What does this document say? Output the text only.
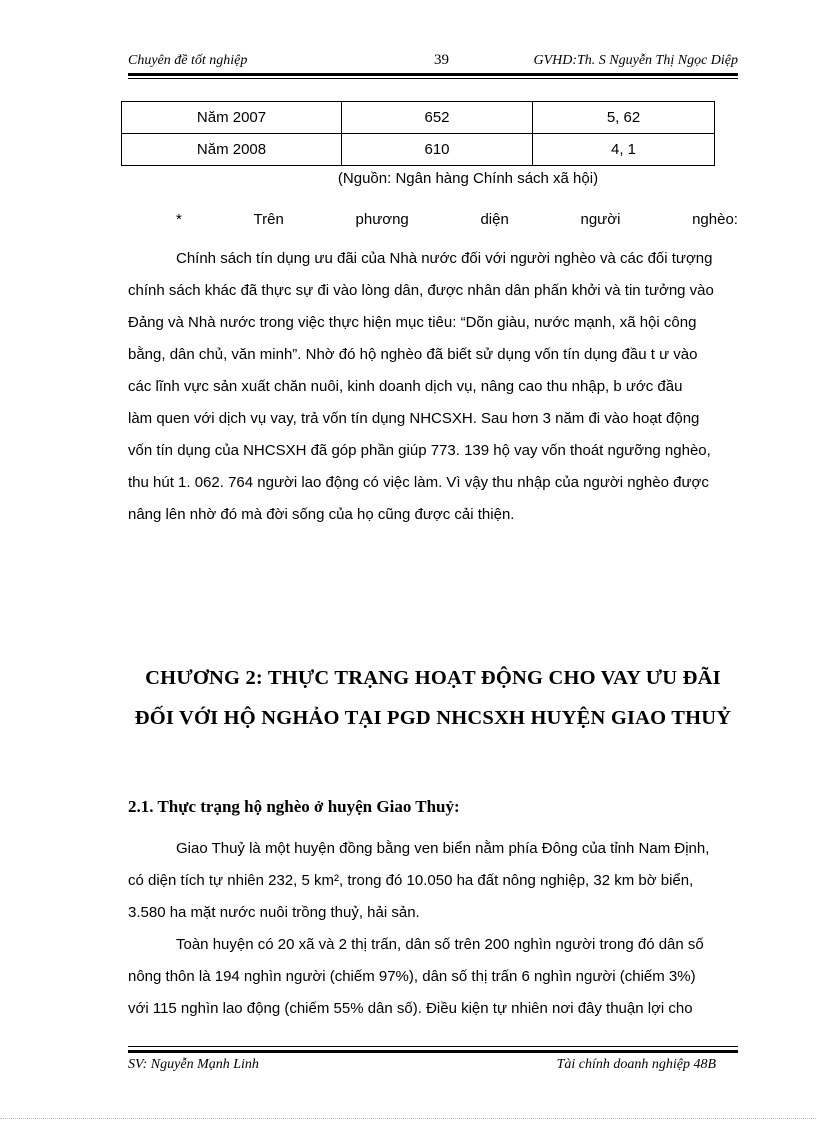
Chuyên đề tốt nghiệp	39	GVHD:Th. S Nguyễn Thị Ngọc Diệp
Năm 2007	652	5, 62
Năm 2008	610	4, 1
(Nguồn: Ngân hàng Chính sách xã hội)
*	Trên	phương	diện	người	nghèo:
Chính sách tín dụng ưu đãi của Nhà nước đối với người nghèo và các đối tượng
chính sách khác đã thực sự đi vào lòng dân, được nhân dân phấn khởi và tin tưởng vào
Đảng và Nhà nước trong việc thực hiện mục tiêu: “Dõn giàu, nước mạnh, xã hội công
bằng, dân chủ, văn minh”. Nhờ đó hộ nghèo đã biết sử dụng vốn tín dụng đầu t ư vào
các lĩnh vực sản xuất chăn nuôi, kinh doanh dịch vụ, nâng cao thu nhập, b ước đầu
làm quen với dịch vụ vay, trả vốn tín dụng NHCSXH. Sau hơn 3 năm đi vào hoạt động
vốn tín dụng của NHCSXH đã góp phần giúp 773. 139 hộ vay vốn thoát ngưỡng nghèo,
thu hút 1. 062. 764 người lao động có việc làm. Vì vậy thu nhập của người nghèo được
nâng lên nhờ đó mà đời sống của họ cũng được cải thiện.
CHƯƠNG 2: THỰC TRẠNG HOẠT ĐỘNG CHO VAY ƯU ĐÃI
ĐỐI VỚI HỘ NGHẢO TẠI PGD NHCSXH HUYỆN GIAO THUỶ
2.1. Thực trạng hộ nghèo ở huyện Giao Thuỷ:
Giao Thuỷ là một huyện đồng bằng ven biển nằm phía Đông của tỉnh Nam Định,
có diện tích tự nhiên 232, 5 km², trong đó 10.050 ha đất nông nghiệp, 32 km bờ biển,
3.580 ha mặt nước nuôi trồng thuỷ, hải sản.
Toàn huyện có 20 xã và 2 thị trấn, dân số trên 200 nghìn người trong đó dân số
nông thôn là 194 nghìn người (chiếm 97%), dân số thị trấn 6 nghìn người (chiếm 3%)
với 115 nghìn lao động (chiếm 55% dân số). Điều kiện tự nhiên nơi đây thuận lợi cho
SV: Nguyễn Mạnh Linh	Tài chính doanh nghiệp 48B
